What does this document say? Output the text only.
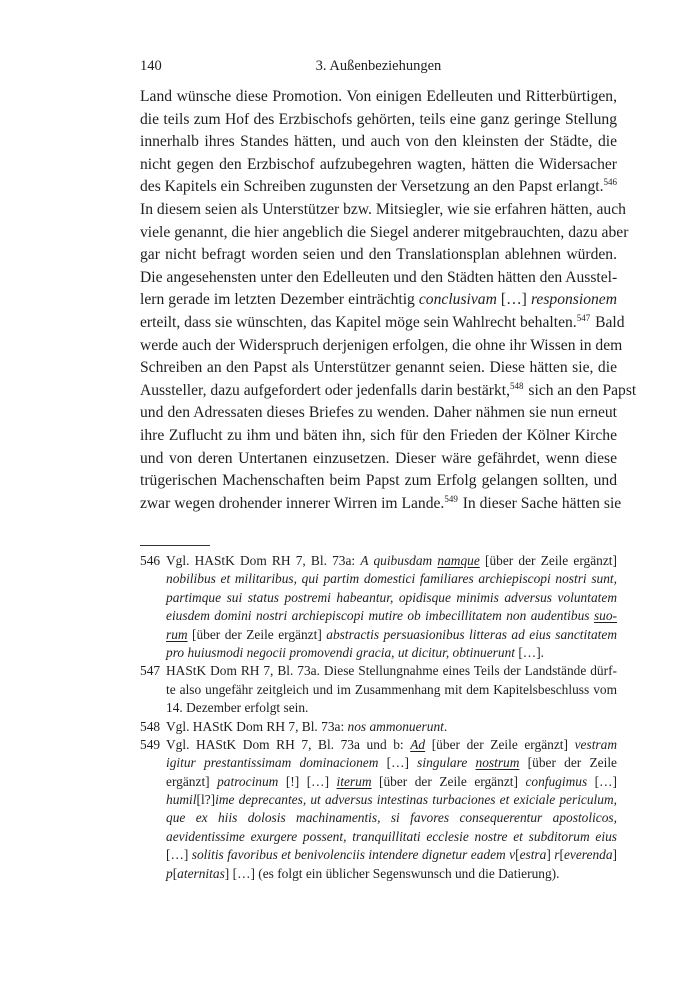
140	3. Außenbeziehungen
Land wünsche diese Promotion. Von einigen Edelleuten und Ritterbürtigen,
die teils zum Hof des Erzbischofs gehörten, teils eine ganz geringe Stellung
innerhalb ihres Standes hätten, und auch von den kleinsten der Städte, die
nicht gegen den Erzbischof aufzubegehren wagten, hätten die Widersacher
des Kapitels ein Schreiben zugunsten der Versetzung an den Papst erlangt.$^{546}$
In diesem seien als Unterstützer bzw. Mitsiegler, wie sie erfahren hätten, auch
viele genannt, die hier angeblich die Siegel anderer mitgebrauchten, dazu aber
gar nicht befragt worden seien und den Translationsplan ablehnen würden.
Die angesehensten unter den Edelleuten und den Städten hätten den Ausstel-
lern gerade im letzten Dezember einträchtig conclusivam […] responsionem
erteilt, dass sie wünschten, das Kapitel möge sein Wahlrecht behalten.$^{547}$ Bald
werde auch der Widerspruch derjenigen erfolgen, die ohne ihr Wissen in dem
Schreiben an den Papst als Unterstützer genannt seien. Diese hätten sie, die
Aussteller, dazu aufgefordert oder jedenfalls darin bestärkt,$^{548}$ sich an den Papst
und den Adressaten dieses Briefes zu wenden. Daher nähmen sie nun erneut
ihre Zuflucht zu ihm und bäten ihn, sich für den Frieden der Kölner Kirche
und von deren Untertanen einzusetzen. Dieser wäre gefährdet, wenn diese
trügerischen Machenschaften beim Papst zum Erfolg gelangen sollten, und
zwar wegen drohender innerer Wirren im Lande.$^{549}$ In dieser Sache hätten sie
546 Vgl. HAStK Dom RH 7, Bl. 73a: A quibusdam namque [über der Zeile ergänzt]
nobilibus et militaribus, qui partim domestici familiares archiepiscopi nostri sunt,
partimque sui status postremi habeantur, opidisque minimis adversus voluntatem
eiusdem domini nostri archiepiscopi mutire ob imbecillitatem non audentibus suo-
rum [über der Zeile ergänzt] abstractis persuasionibus litteras ad eius sanctitatem
pro huiusmodi negocii promovendi gracia, ut dicitur, obtinuerunt […].
547 HAStK Dom RH 7, Bl. 73a. Diese Stellungnahme eines Teils der Landstände dürf-
te also ungefähr zeitgleich und im Zusammenhang mit dem Kapitelsbeschluss vom
14. Dezember erfolgt sein.
548 Vgl. HAStK Dom RH 7, Bl. 73a: nos ammonuerunt.
549 Vgl. HAStK Dom RH 7, Bl. 73a und b: Ad [über der Zeile ergänzt] vestram
igitur prestantissimam dominacionem […] singulare nostrum [über der Zeile
ergänzt] patrocinum [!] […] iterum [über der Zeile ergänzt] confugimus […]
humil[l?]ime deprecantes, ut adversus intestinas turbaciones et exiciale periculum,
que ex hiis dolosis machinamentis, si favores consequerentur apostolicos,
aevidentissime exurgere possent, tranquillitati ecclesie nostre et subditorum eius
[…] solitis favoribus et benivolenciis intendere dignetur eadem v[estra] r[everenda]
p[aternitas] […] (es folgt ein üblicher Segenswunsch und die Datierung).
